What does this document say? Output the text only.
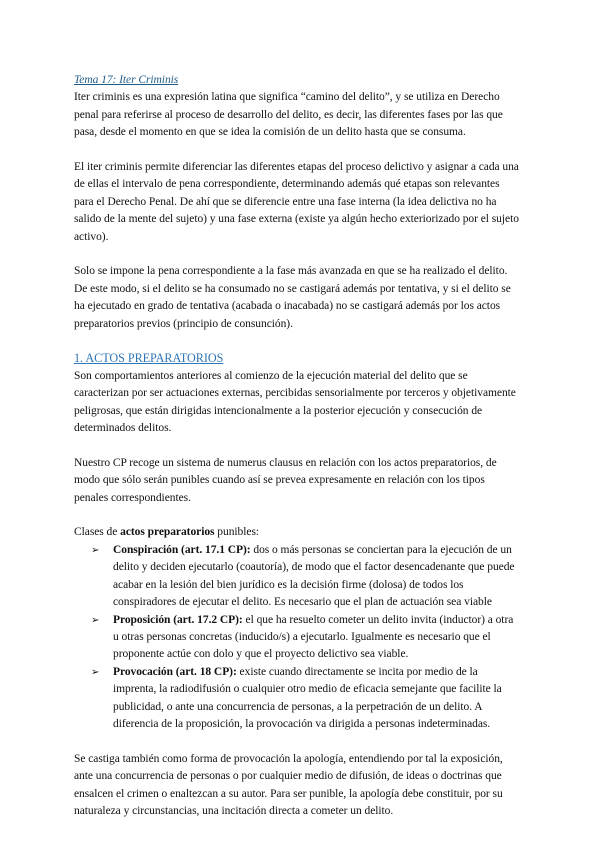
Tema 17: Iter Criminis

Iter criminis es una expresión latina que significa “camino del delito”, y se utiliza en Derecho penal para referirse al proceso de desarrollo del delito, es decir, las diferentes fases por las que pasa, desde el momento en que se idea la comisión de un delito hasta que se consuma.

El iter criminis permite diferenciar las diferentes etapas del proceso delictivo y asignar a cada una de ellas el intervalo de pena correspondiente, determinando además qué etapas son relevantes para el Derecho Penal. De ahí que se diferencie entre una fase interna (la idea delictiva no ha salido de la mente del sujeto) y una fase externa (existe ya algún hecho exteriorizado por el sujeto activo).

Solo se impone la pena correspondiente a la fase más avanzada en que se ha realizado el delito. De este modo, si el delito se ha consumado no se castigará además por tentativa, y si el delito se ha ejecutado en grado de tentativa (acabada o inacabada) no se castigará además por los actos preparatorios previos (principio de consunción).

1. ACTOS PREPARATORIOS

Son comportamientos anteriores al comienzo de la ejecución material del delito que se caracterizan por ser actuaciones externas, percibidas sensorialmente por terceros y objetivamente peligrosas, que están dirigidas intencionalmente a la posterior ejecución y consecución de determinados delitos.

Nuestro CP recoge un sistema de numerus clausus en relación con los actos preparatorios, de modo que sólo serán punibles cuando así se prevea expresamente en relación con los tipos penales correspondientes.

Clases de actos preparatorios punibles:

➢ Conspiración (art. 17.1 CP): dos o más personas se conciertan para la ejecución de un delito y deciden ejecutarlo (coautoría), de modo que el factor desencadenante que puede acabar en la lesión del bien jurídico es la decisión firme (dolosa) de todos los conspiradores de ejecutar el delito. Es necesario que el plan de actuación sea viable
➢ Proposición (art. 17.2 CP): el que ha resuelto cometer un delito invita (inductor) a otra u otras personas concretas (inducido/s) a ejecutarlo. Igualmente es necesario que el proponente actúe con dolo y que el proyecto delictivo sea viable.
➢ Provocación (art. 18 CP): existe cuando directamente se incita por medio de la imprenta, la radiodifusión o cualquier otro medio de eficacia semejante que facilite la publicidad, o ante una concurrencia de personas, a la perpetración de un delito. A diferencia de la proposición, la provocación va dirigida a personas indeterminadas.

Se castiga también como forma de provocación la apología, entendiendo por tal la exposición, ante una concurrencia de personas o por cualquier medio de difusión, de ideas o doctrinas que ensalcen el crimen o enaltezcan a su autor. Para ser punible, la apología debe constituir, por su naturaleza y circunstancias, una incitación directa a cometer un delito.
